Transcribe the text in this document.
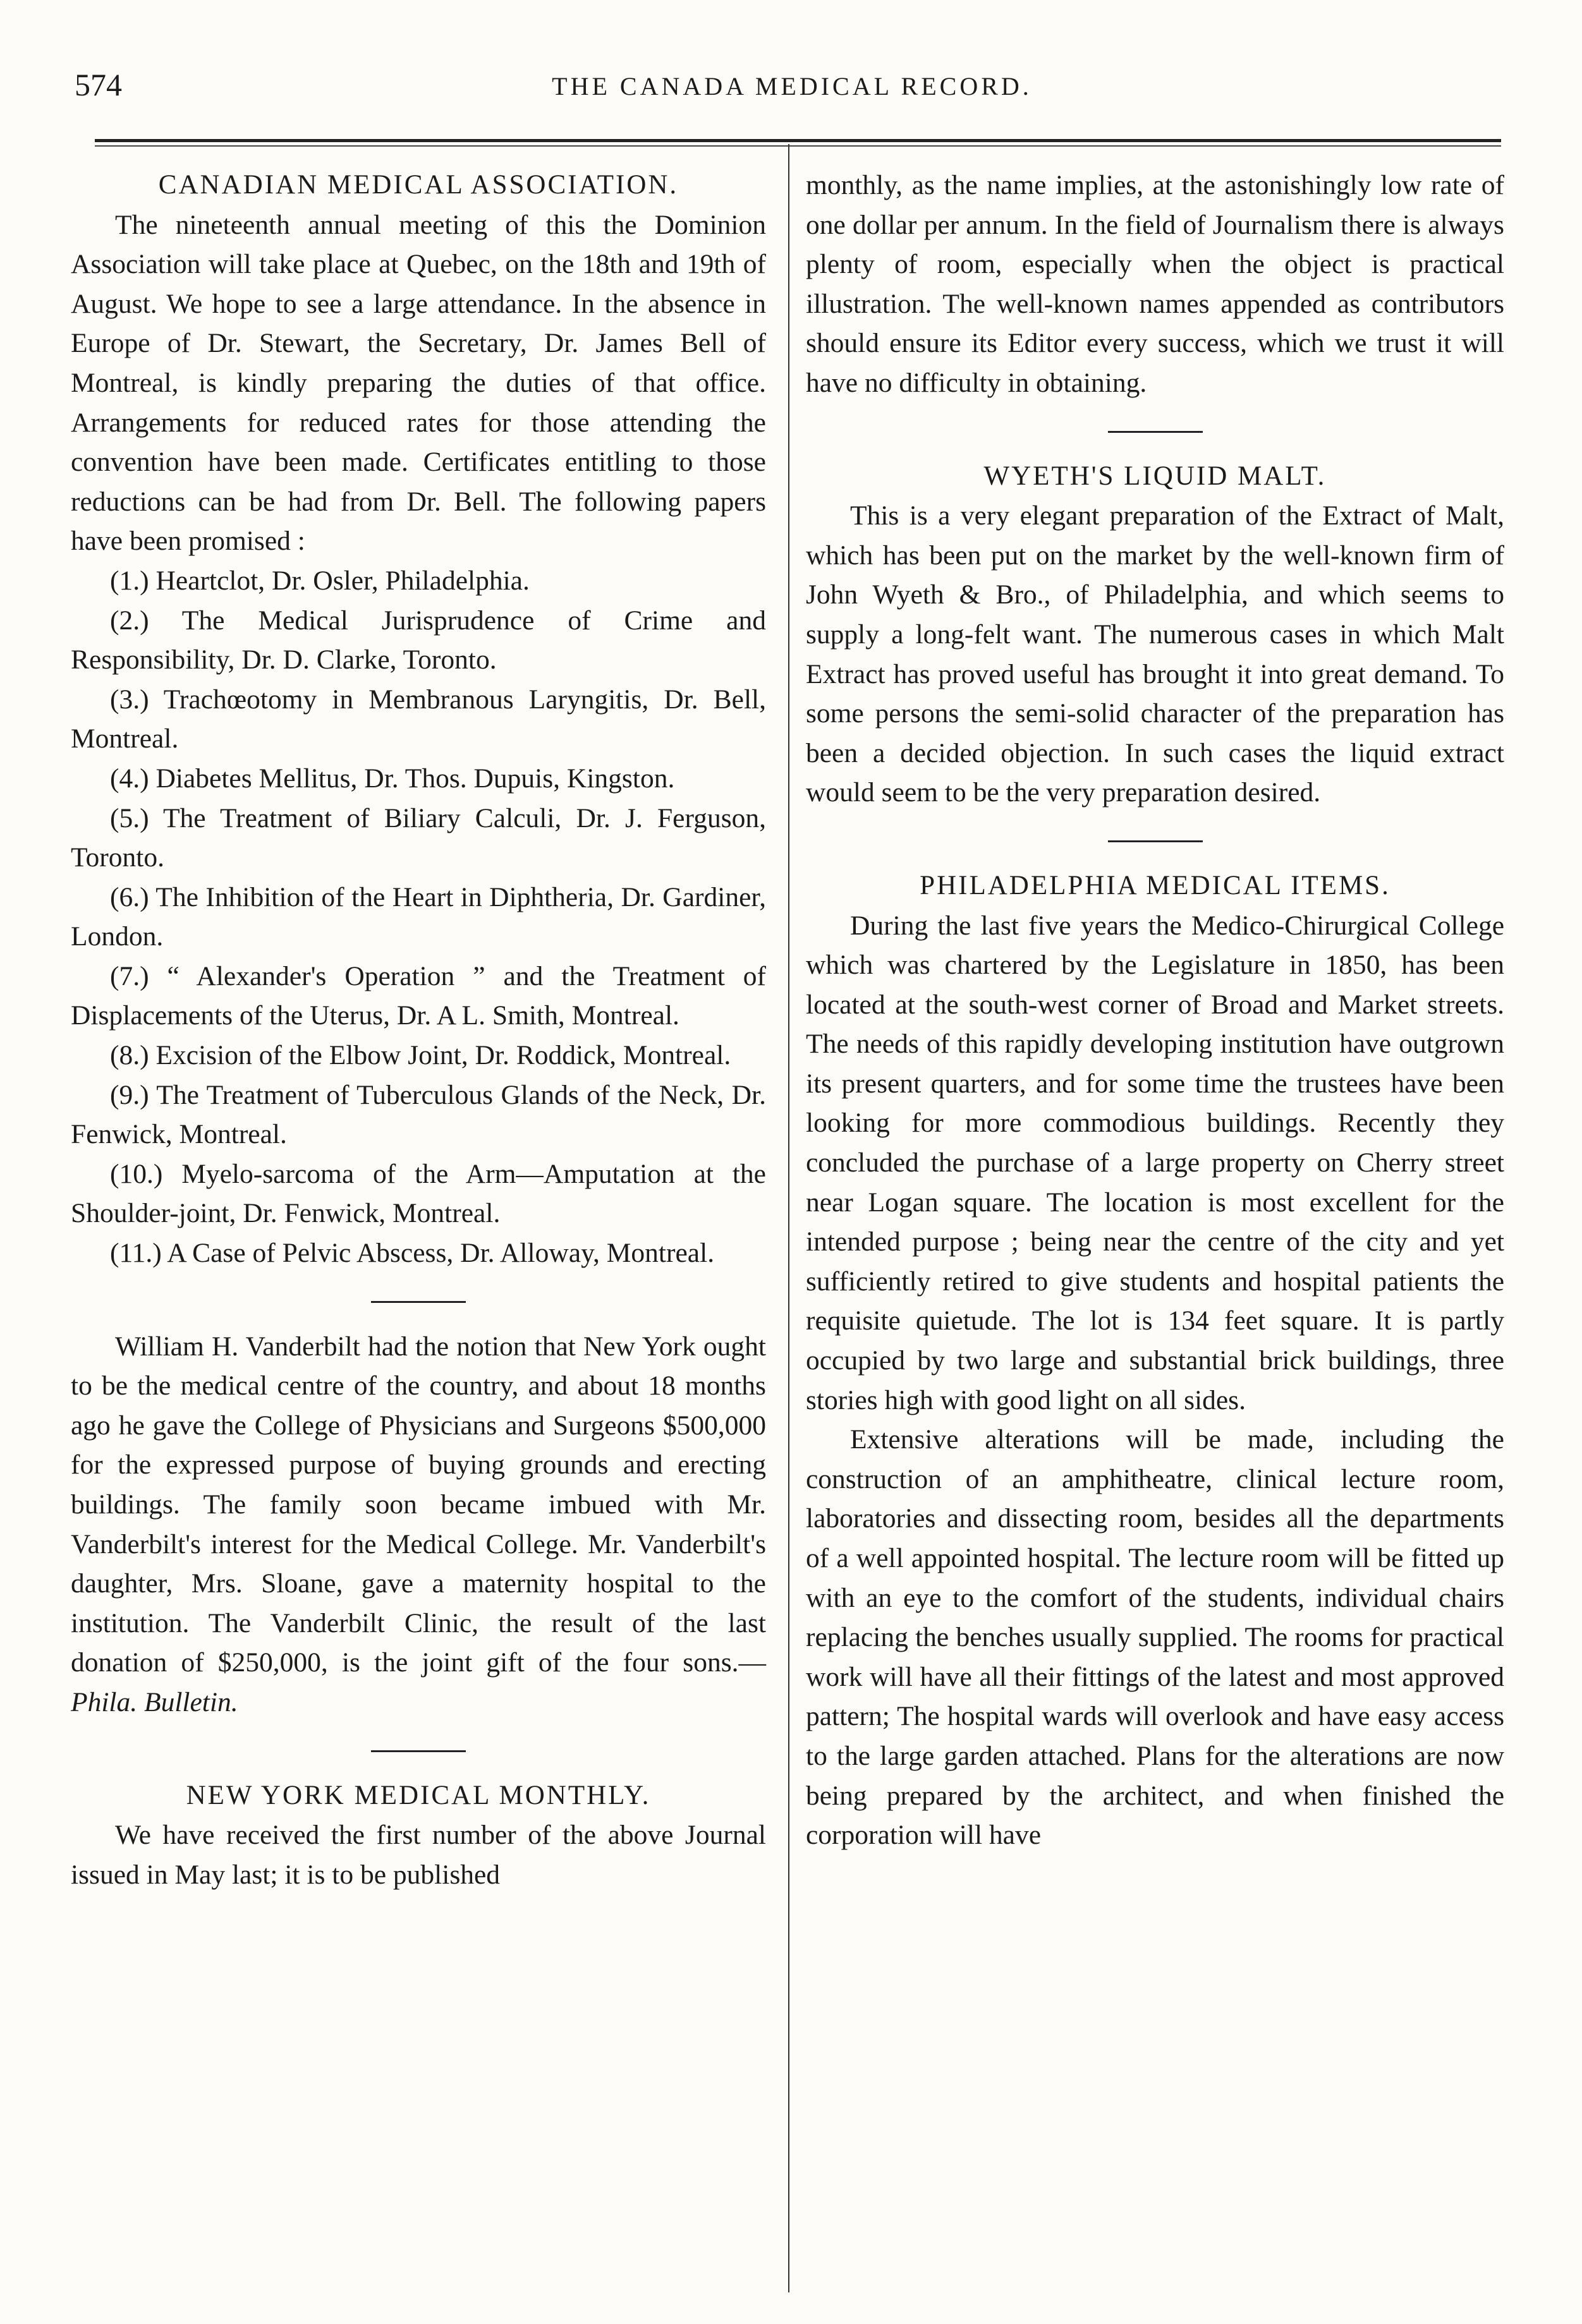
574	THE CANADA MEDICAL RECORD.
CANADIAN MEDICAL ASSOCIATION.

The nineteenth annual meeting of this the Dominion Association will take place at Quebec, on the 18th and 19th of August. We hope to see a large attendance. In the absence in Europe of Dr. Stewart, the Secretary, Dr. James Bell of Montreal, is kindly preparing the duties of that office. Arrangements for reduced rates for those attending the convention have been made. Certificates entitling to those reductions can be had from Dr. Bell. The following papers have been promised :

(1.) Heartclot, Dr. Osler, Philadelphia.

(2.) The Medical Jurisprudence of Crime and Responsibility, Dr. D. Clarke, Toronto.

(3.) Trachœotomy in Membranous Laryngitis, Dr. Bell, Montreal.

(4.) Diabetes Mellitus, Dr. Thos. Dupuis, Kingston.

(5.) The Treatment of Biliary Calculi, Dr. J. Ferguson, Toronto.

(6.) The Inhibition of the Heart in Diphtheria, Dr. Gardiner, London.

(7.) “ Alexander's Operation ” and the Treatment of Displacements of the Uterus, Dr. A L. Smith, Montreal.

(8.) Excision of the Elbow Joint, Dr. Roddick, Montreal.

(9.) The Treatment of Tuberculous Glands of the Neck, Dr. Fenwick, Montreal.

(10.) Myelo-sarcoma of the Arm—Amputation at the Shoulder-joint, Dr. Fenwick, Montreal.

(11.) A Case of Pelvic Abscess, Dr. Alloway, Montreal.

William H. Vanderbilt had the notion that New York ought to be the medical centre of the country, and about 18 months ago he gave the College of Physicians and Surgeons $500,000 for the expressed purpose of buying grounds and erecting buildings. The family soon became imbued with Mr. Vanderbilt's interest for the Medical College. Mr. Vanderbilt's daughter, Mrs. Sloane, gave a maternity hospital to the institution. The Vanderbilt Clinic, the result of the last donation of $250,000, is the joint gift of the four sons.— Phila. Bulletin.

NEW YORK MEDICAL MONTHLY.

We have received the first number of the above Journal issued in May last; it is to be published

monthly, as the name implies, at the astonishingly low rate of one dollar per annum. In the field of Journalism there is always plenty of room, especially when the object is practical illustration. The well-known names appended as contributors should ensure its Editor every success, which we trust it will have no difficulty in obtaining.

WYETH'S LIQUID MALT.

This is a very elegant preparation of the Extract of Malt, which has been put on the market by the well-known firm of John Wyeth & Bro., of Philadelphia, and which seems to supply a long-felt want. The numerous cases in which Malt Extract has proved useful has brought it into great demand. To some persons the semi-solid character of the preparation has been a decided objection. In such cases the liquid extract would seem to be the very preparation desired.

PHILADELPHIA MEDICAL ITEMS.

During the last five years the Medico-Chirurgical College which was chartered by the Legislature in 1850, has been located at the south-west corner of Broad and Market streets. The needs of this rapidly developing institution have outgrown its present quarters, and for some time the trustees have been looking for more commodious buildings. Recently they concluded the purchase of a large property on Cherry street near Logan square. The location is most excellent for the intended purpose ; being near the centre of the city and yet sufficiently retired to give students and hospital patients the requisite quietude. The lot is 134 feet square. It is partly occupied by two large and substantial brick buildings, three stories high with good light on all sides.

Extensive alterations will be made, including the construction of an amphitheatre, clinical lecture room, laboratories and dissecting room, besides all the departments of a well appointed hospital. The lecture room will be fitted up with an eye to the comfort of the students, individual chairs replacing the benches usually supplied. The rooms for practical work will have all their fittings of the latest and most approved pattern; The hospital wards will overlook and have easy access to the large garden attached. Plans for the alterations are now being prepared by the architect, and when finished the corporation will have
